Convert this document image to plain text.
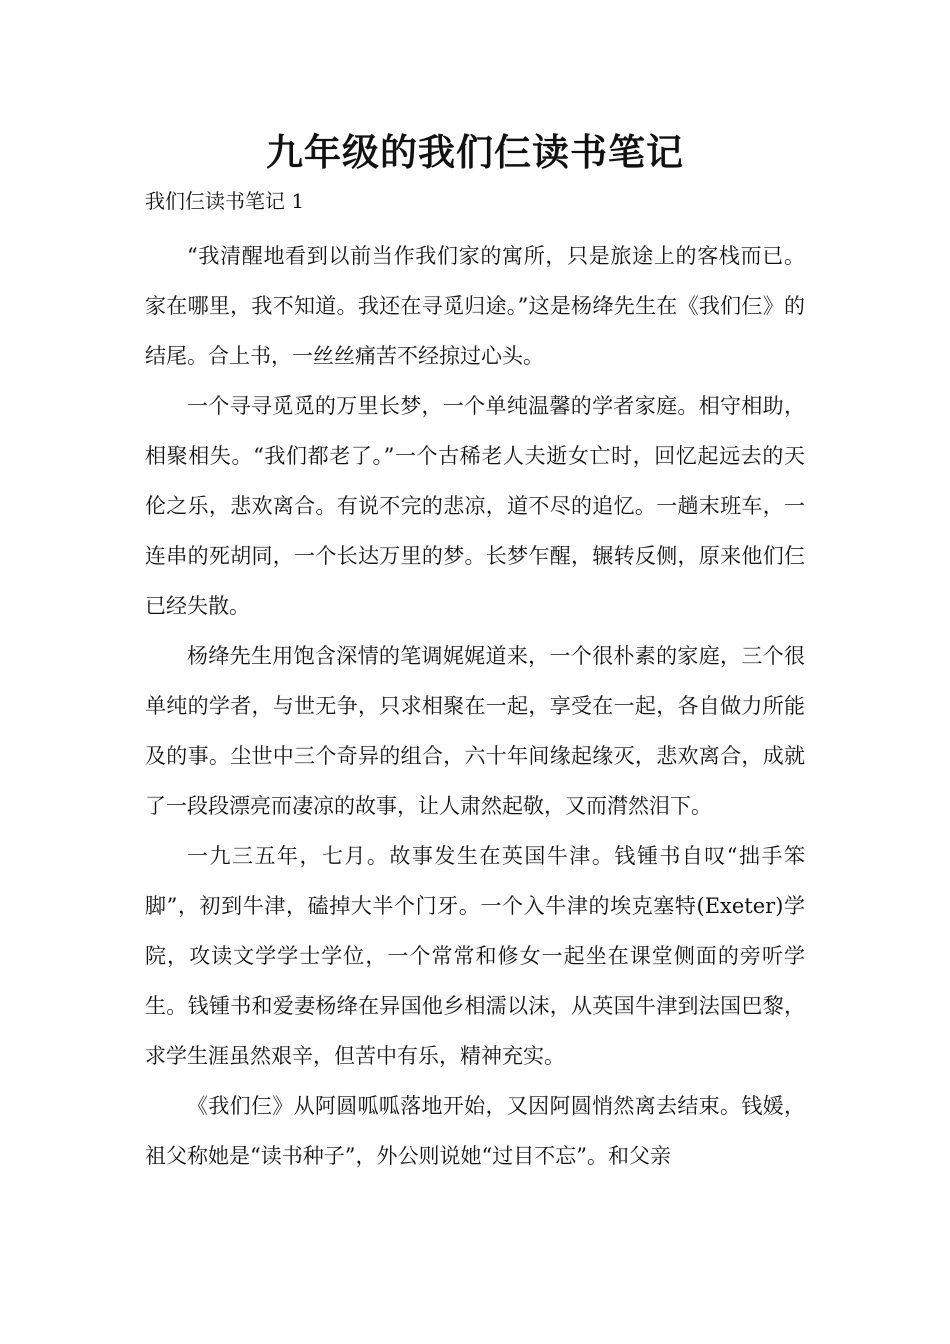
九年级的我们仨读书笔记

我们仨读书笔记 1

“我清醒地看到以前当作我们家的寓所，只是旅途上的客栈而已。家在哪里，我不知道。我还在寻觅归途。”这是杨绛先生在《我们仨》的结尾。合上书，一丝丝痛苦不经掠过心头。

一个寻寻觅觅的万里长梦，一个单纯温馨的学者家庭。相守相助，相聚相失。“我们都老了。”一个古稀老人夫逝女亡时，回忆起远去的天伦之乐，悲欢离合。有说不完的悲凉，道不尽的追忆。一趟末班车，一连串的死胡同，一个长达万里的梦。长梦乍醒，辗转反侧，原来他们仨已经失散。

杨绛先生用饱含深情的笔调娓娓道来，一个很朴素的家庭，三个很单纯的学者，与世无争，只求相聚在一起，享受在一起，各自做力所能及的事。尘世中三个奇异的组合，六十年间缘起缘灭，悲欢离合，成就了一段段漂亮而凄凉的故事，让人肃然起敬，又而潸然泪下。

一九三五年，七月。故事发生在英国牛津。钱锺书自叹“拙手笨脚”，初到牛津，磕掉大半个门牙。一个入牛津的埃克塞特(Exeter)学院，攻读文学学士学位，一个常常和修女一起坐在课堂侧面的旁听学生。钱锺书和爱妻杨绛在异国他乡相濡以沫，从英国牛津到法国巴黎，求学生涯虽然艰辛，但苦中有乐，精神充实。

《我们仨》从阿圆呱呱落地开始，又因阿圆悄然离去结束。钱媛，祖父称她是“读书种子”，外公则说她“过目不忘”。和父亲
